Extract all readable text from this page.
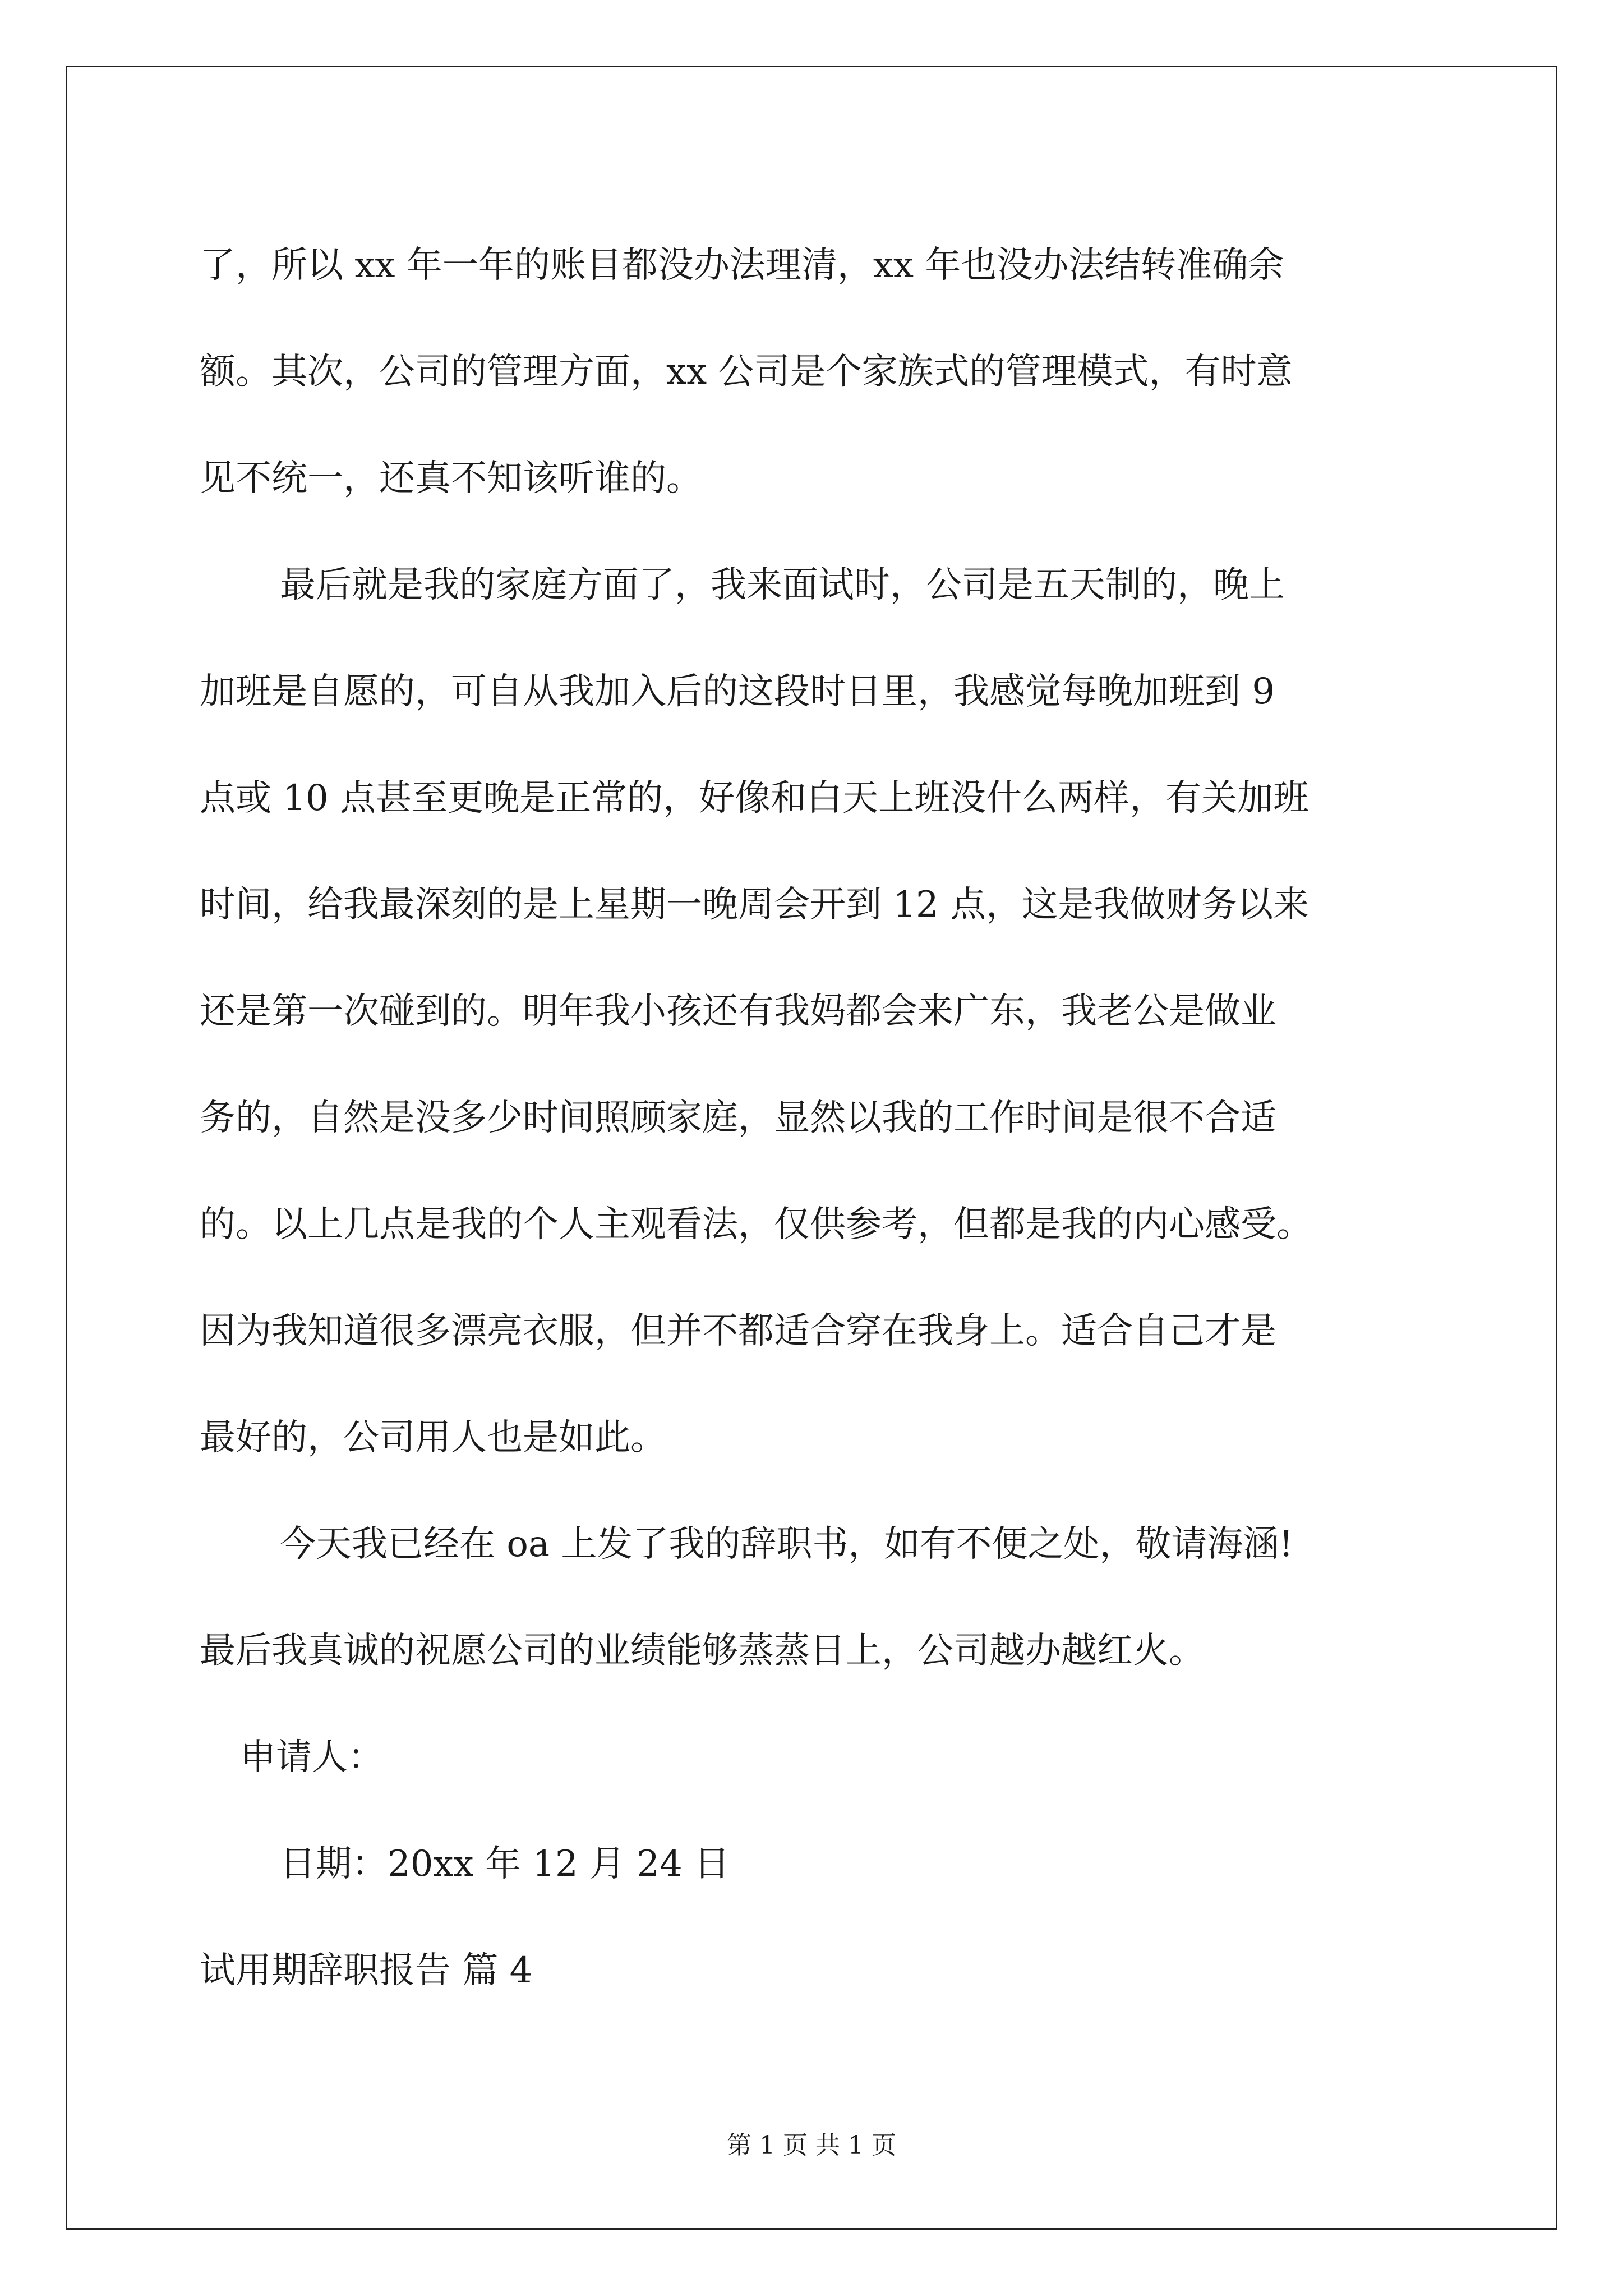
了，所以 xx 年一年的账目都没办法理清，xx 年也没办法结转准确余
额。其次，公司的管理方面，xx 公司是个家族式的管理模式，有时意
见不统一，还真不知该听谁的。
最后就是我的家庭方面了，我来面试时，公司是五天制的，晚上
加班是自愿的，可自从我加入后的这段时日里，我感觉每晚加班到 9
点或 10 点甚至更晚是正常的，好像和白天上班没什么两样，有关加班
时间，给我最深刻的是上星期一晚周会开到 12 点，这是我做财务以来
还是第一次碰到的。明年我小孩还有我妈都会来广东，我老公是做业
务的，自然是没多少时间照顾家庭，显然以我的工作时间是很不合适
的。以上几点是我的个人主观看法，仅供参考，但都是我的内心感受。
因为我知道很多漂亮衣服，但并不都适合穿在我身上。适合自己才是
最好的，公司用人也是如此。
今天我已经在 oa 上发了我的辞职书，如有不便之处，敬请海涵!
最后我真诚的祝愿公司的业绩能够蒸蒸日上，公司越办越红火。
申请人：
日期：20xx 年 12 月 24 日
试用期辞职报告 篇 4
第 1 页 共 1 页
